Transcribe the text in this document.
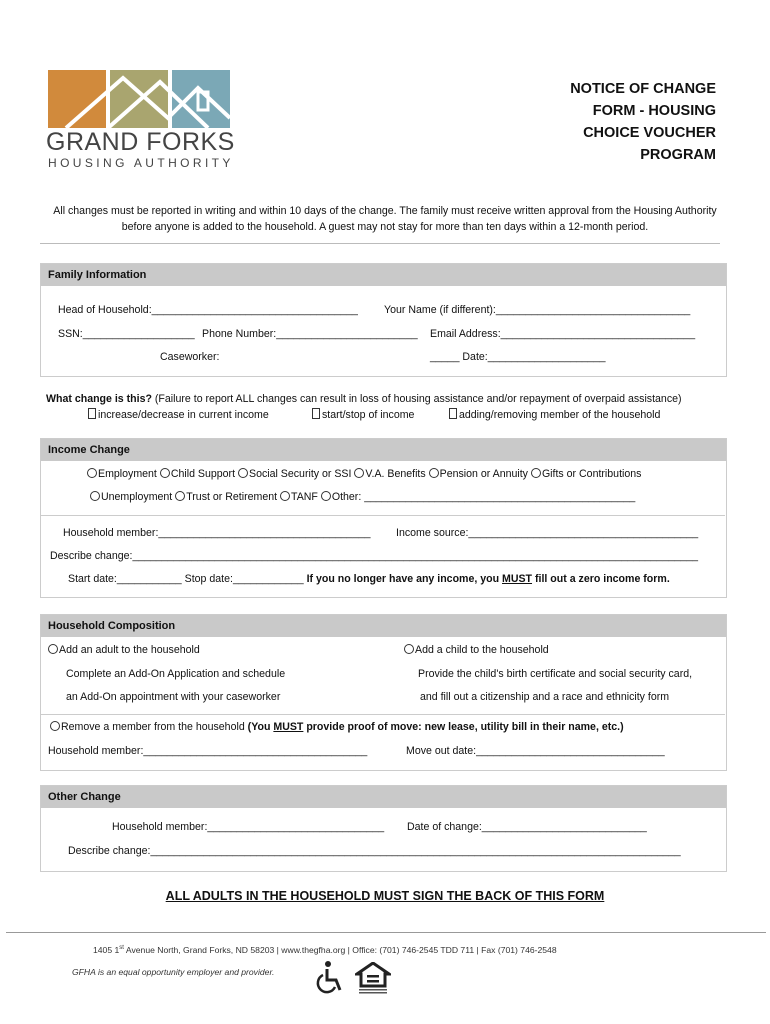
GRAND FORKS
HOUSING AUTHORITY
NOTICE OF CHANGE
FORM - HOUSING
CHOICE VOUCHER
PROGRAM
All changes must be reported in writing and within 10 days of the change. The family must receive written approval from the Housing Authority before anyone is added to the household. A guest may not stay for more than ten days within a 12-month period.
Family Information
Head of Household:___________________________________ Your Name (if different):_________________________________
SSN:___________________ Phone Number:________________________ Email Address:_________________________________
Caseworker:	_____ Date:____________________
What change is this? (Failure to report ALL changes can result in loss of housing assistance and/or repayment of overpaid assistance)
increase/decrease in current income	start/stop of income	adding/removing member of the household
Income Change
Employment Child Support Social Security or SSI V.A. Benefits Pension or Annuity Gifts or Contributions
Unemployment Trust or Retirement TANF Other: ______________________________________________
Household member:____________________________________ Income source:_______________________________________
Describe change:________________________________________________________________________________________________
Start date:___________ Stop date:____________ If you no longer have any income, you MUST fill out a zero income form.
Household Composition
Add an adult to the household
Complete an Add-On Application and schedule
an Add-On appointment with your caseworker
Add a child to the household
Provide the child's birth certificate and social security card,
and fill out a citizenship and a race and ethnicity form
Remove a member from the household (You MUST provide proof of move: new lease, utility bill in their name, etc.)
Household member:______________________________________	Move out date:________________________________
Other Change
Household member:______________________________ Date of change:____________________________
Describe change:__________________________________________________________________________________________
ALL ADULTS IN THE HOUSEHOLD MUST SIGN THE BACK OF THIS FORM
1405 1st Avenue North, Grand Forks, ND 58203 | www.thegfha.org | Office: (701) 746-2545 TDD 711 | Fax (701) 746-2548
GFHA is an equal opportunity employer and provider.
